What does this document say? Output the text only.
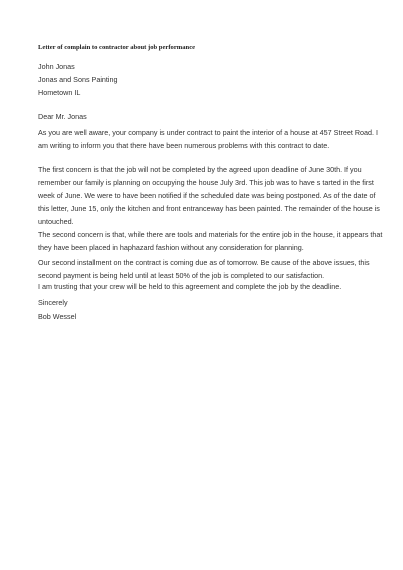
Letter of complain to contractor about job performance
John Jonas
Jonas and Sons Painting
Hometown IL
Dear Mr. Jonas
As you are well aware, your company is under contract to paint the interior of a house at 457 Street Road. I
am writing to inform you that there have been numerous problems with this contract to date.
The first concern is that the job will not be completed by the agreed upon deadline of June 30th. If you
remember our family is planning on occupying the house July 3rd. This job was to have s tarted in the first
week of June. We were to have been notified if the scheduled date was being postponed. As of the date of
this letter, June 15, only the kitchen and front entranceway has been painted. The remainder of the house is
untouched.
The second concern is that, while there are tools and materials for the entire job in the house, it appears that
they have been placed in haphazard fashion without any consideration for planning.
Our second installment on the contract is coming due as of tomorrow. Be cause of the above issues, this
second payment is being held until at least 50% of the job is completed to our satisfaction.
I am trusting that your crew will be held to this agreement and complete the job by the deadline.
Sincerely
Bob Wessel
